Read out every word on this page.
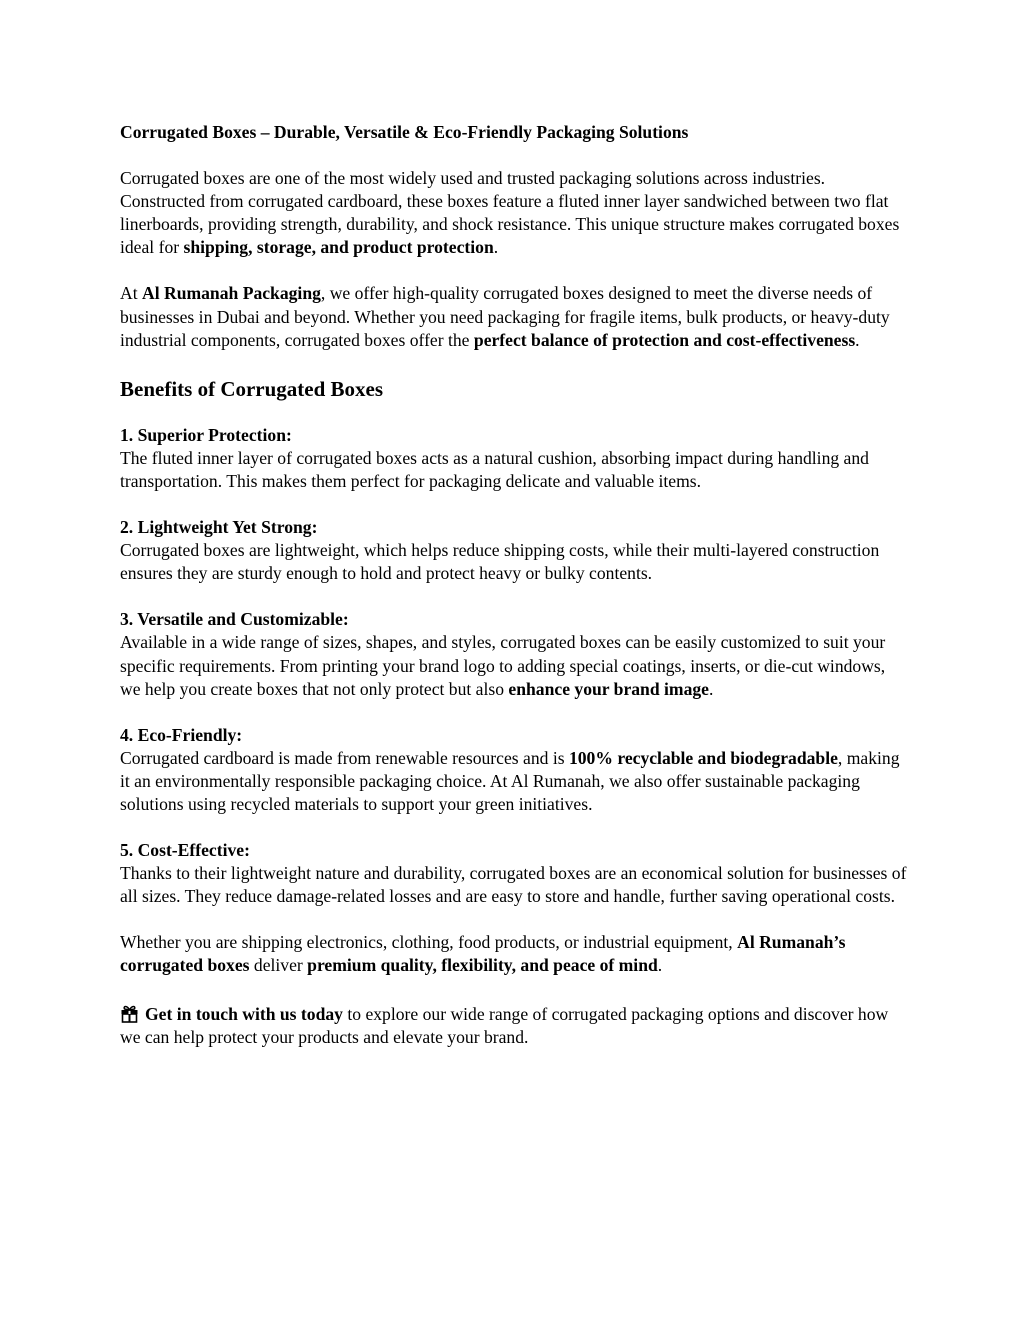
Corrugated Boxes – Durable, Versatile & Eco-Friendly Packaging Solutions

Corrugated boxes are one of the most widely used and trusted packaging solutions across industries. Constructed from corrugated cardboard, these boxes feature a fluted inner layer sandwiched between two flat linerboards, providing strength, durability, and shock resistance. This unique structure makes corrugated boxes ideal for shipping, storage, and product protection.

At Al Rumanah Packaging, we offer high-quality corrugated boxes designed to meet the diverse needs of businesses in Dubai and beyond. Whether you need packaging for fragile items, bulk products, or heavy-duty industrial components, corrugated boxes offer the perfect balance of protection and cost-effectiveness.

Benefits of Corrugated Boxes

1. Superior Protection:
The fluted inner layer of corrugated boxes acts as a natural cushion, absorbing impact during handling and transportation. This makes them perfect for packaging delicate and valuable items.

2. Lightweight Yet Strong:
Corrugated boxes are lightweight, which helps reduce shipping costs, while their multi-layered construction ensures they are sturdy enough to hold and protect heavy or bulky contents.

3. Versatile and Customizable:
Available in a wide range of sizes, shapes, and styles, corrugated boxes can be easily customized to suit your specific requirements. From printing your brand logo to adding special coatings, inserts, or die-cut windows, we help you create boxes that not only protect but also enhance your brand image.

4. Eco-Friendly:
Corrugated cardboard is made from renewable resources and is 100% recyclable and biodegradable, making it an environmentally responsible packaging choice. At Al Rumanah, we also offer sustainable packaging solutions using recycled materials to support your green initiatives.

5. Cost-Effective:
Thanks to their lightweight nature and durability, corrugated boxes are an economical solution for businesses of all sizes. They reduce damage-related losses and are easy to store and handle, further saving operational costs.

Whether you are shipping electronics, clothing, food products, or industrial equipment, Al Rumanah’s corrugated boxes deliver premium quality, flexibility, and peace of mind.

Get in touch with us today to explore our wide range of corrugated packaging options and discover how we can help protect your products and elevate your brand.
